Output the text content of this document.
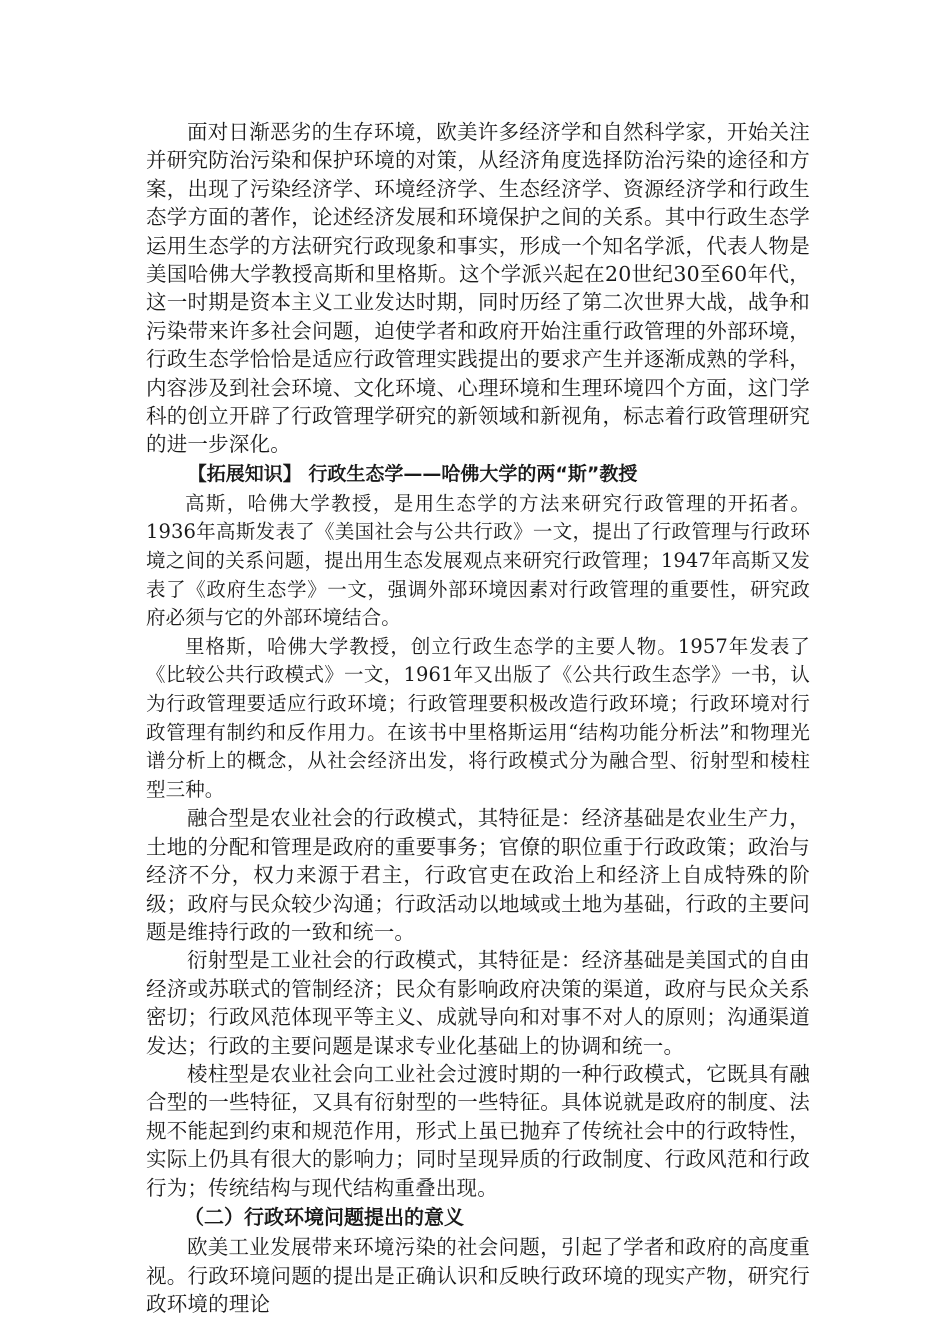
面对日渐恶劣的生存环境，欧美许多经济学和自然科学家，开始关注并研究防治污染和保护环境的对策，从经济角度选择防治污染的途径和方案，出现了污染经济学、环境经济学、生态经济学、资源经济学和行政生态学方面的著作，论述经济发展和环境保护之间的关系。其中行政生态学运用生态学的方法研究行政现象和事实，形成一个知名学派，代表人物是美国哈佛大学教授高斯和里格斯。这个学派兴起在20世纪30至60年代，这一时期是资本主义工业发达时期，同时历经了第二次世界大战，战争和污染带来许多社会问题，迫使学者和政府开始注重行政管理的外部环境，行政生态学恰恰是适应行政管理实践提出的要求产生并逐渐成熟的学科，内容涉及到社会环境、文化环境、心理环境和生理环境四个方面，这门学科的创立开辟了行政管理学研究的新领域和新视角，标志着行政管理研究的进一步深化。

【拓展知识】 行政生态学——哈佛大学的两“斯”教授

高斯，哈佛大学教授，是用生态学的方法来研究行政管理的开拓者。1936年高斯发表了《美国社会与公共行政》一文，提出了行政管理与行政环境之间的关系问题，提出用生态发展观点来研究行政管理；1947年高斯又发表了《政府生态学》一文，强调外部环境因素对行政管理的重要性，研究政府必须与它的外部环境结合。

里格斯，哈佛大学教授，创立行政生态学的主要人物。1957年发表了《比较公共行政模式》一文，1961年又出版了《公共行政生态学》一书，认为行政管理要适应行政环境；行政管理要积极改造行政环境；行政环境对行政管理有制约和反作用力。在该书中里格斯运用“结构功能分析法”和物理光谱分析上的概念，从社会经济出发，将行政模式分为融合型、衍射型和棱柱型三种。

融合型是农业社会的行政模式，其特征是：经济基础是农业生产力，土地的分配和管理是政府的重要事务；官僚的职位重于行政政策；政治与经济不分，权力来源于君主，行政官吏在政治上和经济上自成特殊的阶级；政府与民众较少沟通；行政活动以地域或土地为基础，行政的主要问题是维持行政的一致和统一。

衍射型是工业社会的行政模式，其特征是：经济基础是美国式的自由经济或苏联式的管制经济；民众有影响政府决策的渠道，政府与民众关系密切；行政风范体现平等主义、成就导向和对事不对人的原则；沟通渠道发达；行政的主要问题是谋求专业化基础上的协调和统一。

棱柱型是农业社会向工业社会过渡时期的一种行政模式，它既具有融合型的一些特征，又具有衍射型的一些特征。具体说就是政府的制度、法规不能起到约束和规范作用，形式上虽已抛弃了传统社会中的行政特性，实际上仍具有很大的影响力；同时呈现异质的行政制度、行政风范和行政行为；传统结构与现代结构重叠出现。

（二）行政环境问题提出的意义

欧美工业发展带来环境污染的社会问题，引起了学者和政府的高度重视。行政环境问题的提出是正确认识和反映行政环境的现实产物，研究行政环境的理论
